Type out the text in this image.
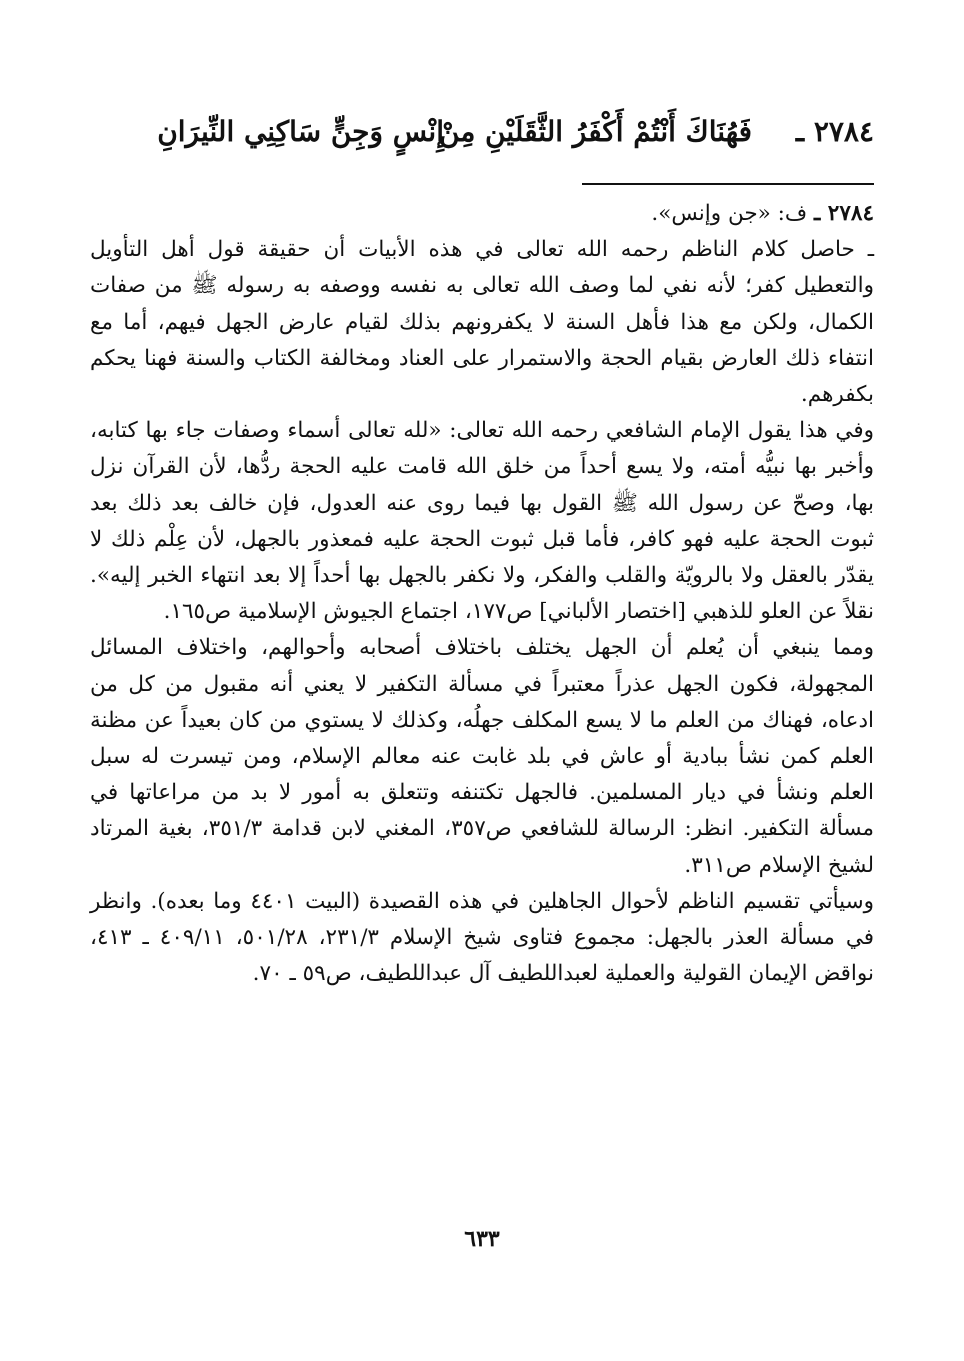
٢٧٨٤ ـ
فَهُنَاكَ أَنْتُمْ أَكْفَرُ الثَّقَلَيْنِ مِنْ
إِنْسٍ وَجِنٍّ سَاكِنِي النِّيرَانِ

٢٧٨٤ ـ ف: «جن وإنس».

ـ حاصل كلام الناظم رحمه الله تعالى في هذه الأبيات أن حقيقة قول أهل التأويل والتعطيل كفر؛ لأنه نفي لما وصف الله تعالى به نفسه ووصفه به رسوله ﷺ من صفات الكمال، ولكن مع هذا فأهل السنة لا يكفرونهم بذلك لقيام عارض الجهل فيهم، أما مع انتفاء ذلك العارض بقيام الحجة والاستمرار على العناد ومخالفة الكتاب والسنة فهنا يحكم بكفرهم.

وفي هذا يقول الإمام الشافعي رحمه الله تعالى: «لله تعالى أسماء وصفات جاء بها كتابه، وأخبر بها نبيُّه أمته، ولا يسع أحداً من خلق الله قامت عليه الحجة ردُّها، لأن القرآن نزل بها، وصحّ عن رسول الله ﷺ القول بها فيما روى عنه العدول، فإن خالف بعد ذلك بعد ثبوت الحجة عليه فهو كافر، فأما قبل ثبوت الحجة عليه فمعذور بالجهل، لأن عِلْم ذلك لا يقدّر بالعقل ولا بالرويّة والقلب والفكر، ولا نكفر بالجهل بها أحداً إلا بعد انتهاء الخبر إليه». نقلاً عن العلو للذهبي [اختصار الألباني] ص١٧٧، اجتماع الجيوش الإسلامية ص١٦٥.

ومما ينبغي أن يُعلم أن الجهل يختلف باختلاف أصحابه وأحوالهم، واختلاف المسائل المجهولة، فكون الجهل عذراً معتبراً في مسألة التكفير لا يعني أنه مقبول من كل من ادعاه، فهناك من العلم ما لا يسع المكلف جهلُه، وكذلك لا يستوي من كان بعيداً عن مظنة العلم كمن نشأ ببادية أو عاش في بلد غابت عنه معالم الإسلام، ومن تيسرت له سبل العلم ونشأ في ديار المسلمين. فالجهل تكتنفه وتتعلق به أمور لا بد من مراعاتها في مسألة التكفير. انظر: الرسالة للشافعي ص٣٥٧، المغني لابن قدامة ٣٥١/٣، بغية المرتاد لشيخ الإسلام ص٣١١.

وسيأتي تقسيم الناظم لأحوال الجاهلين في هذه القصيدة (البيت ٤٤٠١ وما بعده). وانظر في مسألة العذر بالجهل: مجموع فتاوى شيخ الإسلام ٢٣١/٣، ٥٠١/٢٨، ٤٠٩/١١ ـ ٤١٣، نواقض الإيمان القولية والعملية لعبداللطيف آل عبداللطيف، ص٥٩ ـ ٧٠.

٦٣٣
